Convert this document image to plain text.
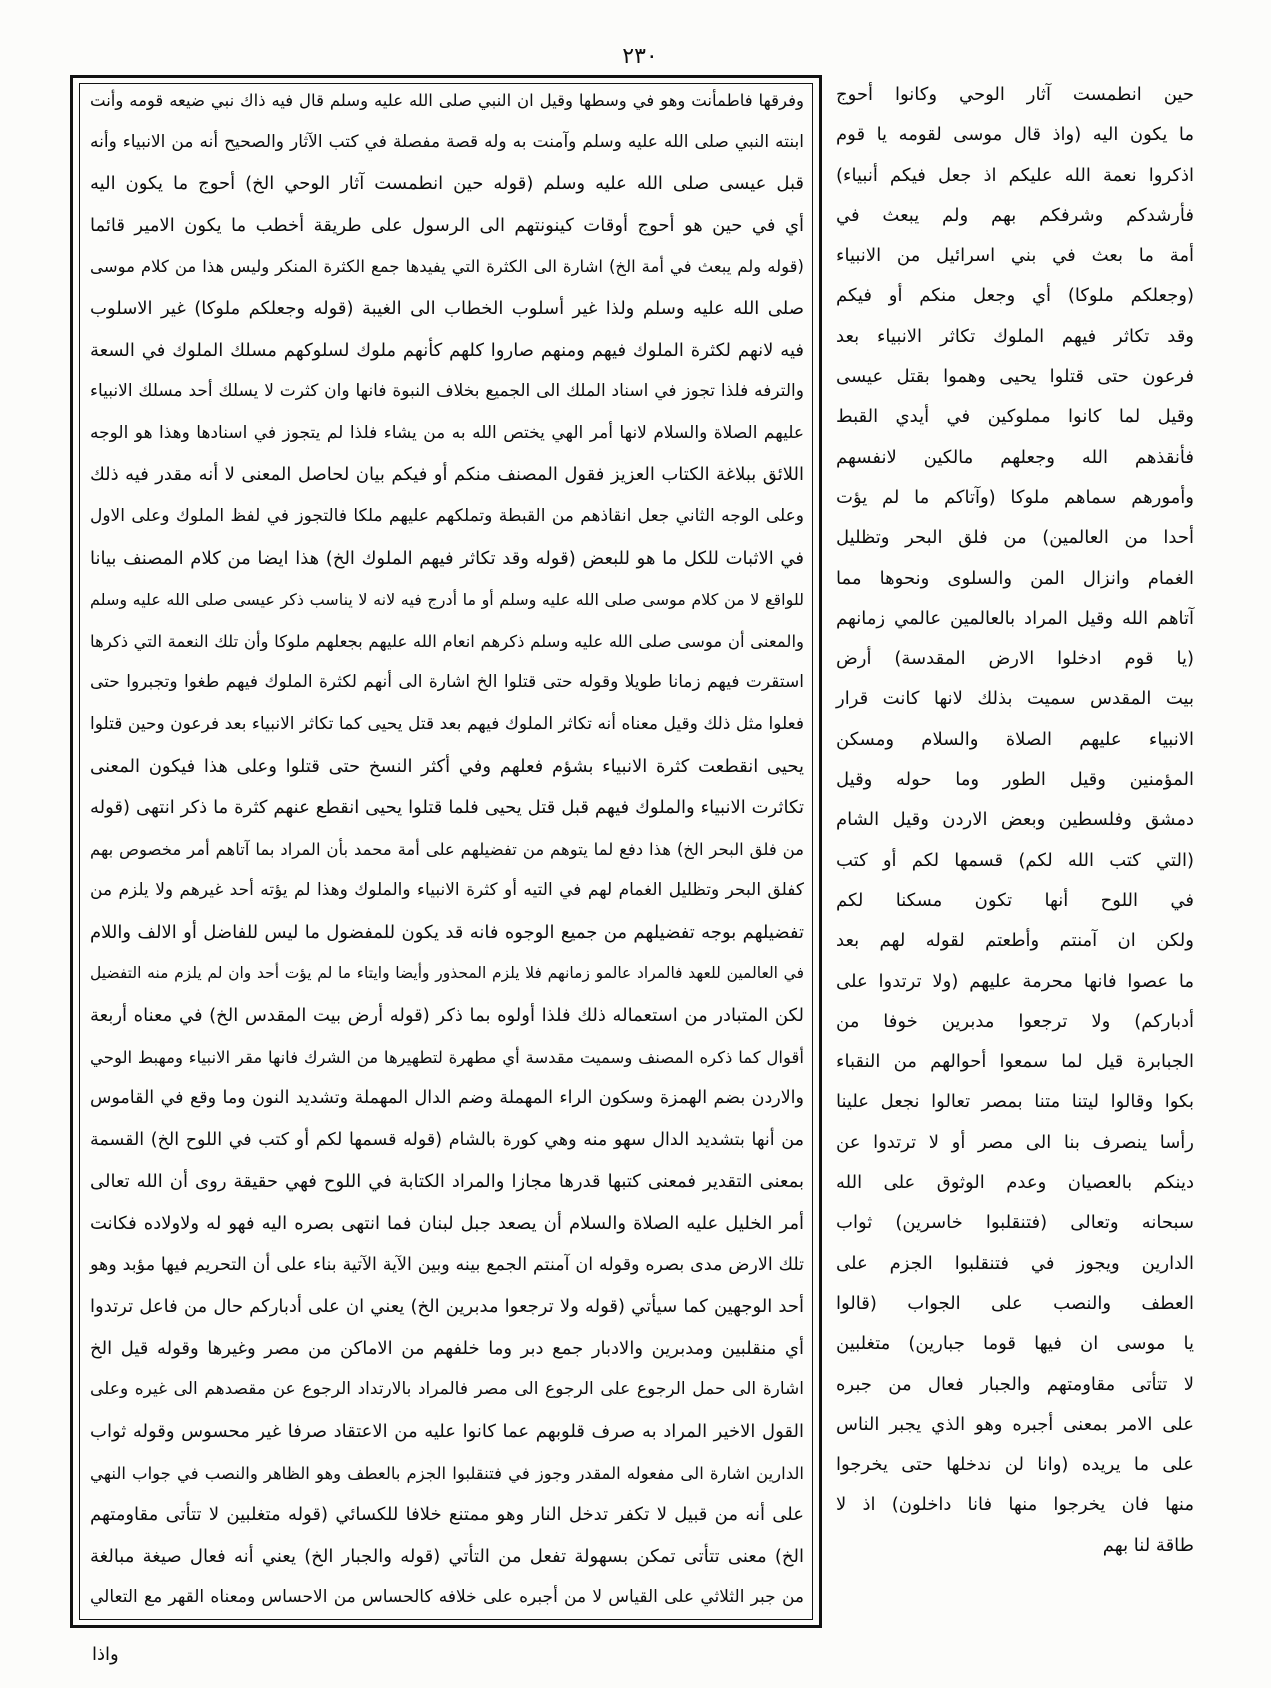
٢٣٠
وفرقها فاطمأنت وهو في وسطها وقيل ان النبي صلى الله عليه وسلم قال فيه ذاك نبي ضيعه قومه وأنت
ابنته النبي صلى الله عليه وسلم وآمنت به وله قصة مفصلة في كتب الآثار والصحيح أنه من الانبياء وأنه
قبل عيسى صلى الله عليه وسلم (قوله حين انطمست آثار الوحي الخ) أحوج ما يكون اليه
أي في حين هو أحوج أوقات كينونتهم الى الرسول على طريقة أخطب ما يكون الامير قائما
(قوله ولم يبعث في أمة الخ) اشارة الى الكثرة التي يفيدها جمع الكثرة المنكر وليس هذا من كلام موسى
صلى الله عليه وسلم ولذا غير أسلوب الخطاب الى الغيبة (قوله وجعلكم ملوكا) غير الاسلوب
فيه لانهم لكثرة الملوك فيهم ومنهم صاروا كلهم كأنهم ملوك لسلوكهم مسلك الملوك في السعة
والترفه فلذا تجوز في اسناد الملك الى الجميع بخلاف النبوة فانها وان كثرت لا يسلك أحد مسلك الانبياء
عليهم الصلاة والسلام لانها أمر الهي يختص الله به من يشاء فلذا لم يتجوز في اسنادها وهذا هو الوجه
اللائق ببلاغة الكتاب العزيز فقول المصنف منكم أو فيكم بيان لحاصل المعنى لا أنه مقدر فيه ذلك
وعلى الوجه الثاني جعل انقاذهم من القبطة وتملكهم عليهم ملكا فالتجوز في لفظ الملوك وعلى الاول
في الاثبات للكل ما هو للبعض (قوله وقد تكاثر فيهم الملوك الخ) هذا ايضا من كلام المصنف بيانا
للواقع لا من كلام موسى صلى الله عليه وسلم أو ما أدرج فيه لانه لا يناسب ذكر عيسى صلى الله عليه وسلم
والمعنى أن موسى صلى الله عليه وسلم ذكرهم انعام الله عليهم بجعلهم ملوكا وأن تلك النعمة التي ذكرها
استقرت فيهم زمانا طويلا وقوله حتى قتلوا الخ اشارة الى أنهم لكثرة الملوك فيهم طغوا وتجبروا حتى
فعلوا مثل ذلك وقيل معناه أنه تكاثر الملوك فيهم بعد قتل يحيى كما تكاثر الانبياء بعد فرعون وحين قتلوا
يحيى انقطعت كثرة الانبياء بشؤم فعلهم وفي أكثر النسخ حتى قتلوا وعلى هذا فيكون المعنى
تكاثرت الانبياء والملوك فيهم قبل قتل يحيى فلما قتلوا يحيى انقطع عنهم كثرة ما ذكر انتهى (قوله
من فلق البحر الخ) هذا دفع لما يتوهم من تفضيلهم على أمة محمد بأن المراد بما آتاهم أمر مخصوص بهم
كفلق البحر وتظليل الغمام لهم في التيه أو كثرة الانبياء والملوك وهذا لم يؤته أحد غيرهم ولا يلزم من
تفضيلهم بوجه تفضيلهم من جميع الوجوه فانه قد يكون للمفضول ما ليس للفاضل أو الالف واللام
في العالمين للعهد فالمراد عالمو زمانهم فلا يلزم المحذور وأيضا وايتاء ما لم يؤت أحد وان لم يلزم منه التفضيل
لكن المتبادر من استعماله ذلك فلذا أولوه بما ذكر (قوله أرض بيت المقدس الخ) في معناه أربعة
أقوال كما ذكره المصنف وسميت مقدسة أي مطهرة لتطهيرها من الشرك فانها مقر الانبياء ومهبط الوحي
والاردن بضم الهمزة وسكون الراء المهملة وضم الدال المهملة وتشديد النون وما وقع في القاموس
من أنها بتشديد الدال سهو منه وهي كورة بالشام (قوله قسمها لكم أو كتب في اللوح الخ) القسمة
بمعنى التقدير فمعنى كتبها قدرها مجازا والمراد الكتابة في اللوح فهي حقيقة روى أن الله تعالى
أمر الخليل عليه الصلاة والسلام أن يصعد جبل لبنان فما انتهى بصره اليه فهو له ولاولاده فكانت
تلك الارض مدى بصره وقوله ان آمنتم الجمع بينه وبين الآية الآتية بناء على أن التحريم فيها مؤبد وهو
أحد الوجهين كما سيأتي (قوله ولا ترجعوا مدبرين الخ) يعني ان على أدباركم حال من فاعل ترتدوا
أي منقلبين ومدبرين والادبار جمع دبر وما خلفهم من الاماكن من مصر وغيرها وقوله قيل الخ
اشارة الى حمل الرجوع على الرجوع الى مصر فالمراد بالارتداد الرجوع عن مقصدهم الى غيره وعلى
القول الاخير المراد به صرف قلوبهم عما كانوا عليه من الاعتقاد صرفا غير محسوس وقوله ثواب
الدارين اشارة الى مفعوله المقدر وجوز في فتنقلبوا الجزم بالعطف وهو الظاهر والنصب في جواب النهي
على أنه من قبيل لا تكفر تدخل النار وهو ممتنع خلافا للكسائي (قوله متغلبين لا تتأتى مقاومتهم
الخ) معنى تتأتى تمكن بسهولة تفعل من التأتي (قوله والجبار الخ) يعني أنه فعال صيغة مبالغة
من جبر الثلاثي على القياس لا من أجبره على خلافه كالحساس من الاحساس ومعناه القهر مع التعالي
حين انطمست آثار الوحي وكانوا أحوج
ما يكون اليه (واذ قال موسى لقومه يا قوم
اذكروا نعمة الله عليكم اذ جعل فيكم أنبياء)
فأرشدكم وشرفكم بهم ولم يبعث في
أمة ما بعث في بني اسرائيل من الانبياء
(وجعلكم ملوكا) أي وجعل منكم أو فيكم
وقد تكاثر فيهم الملوك تكاثر الانبياء بعد
فرعون حتى قتلوا يحيى وهموا بقتل عيسى
وقيل لما كانوا مملوكين في أيدي القبط
فأنقذهم الله وجعلهم مالكين لانفسهم
وأمورهم سماهم ملوكا (وآتاكم ما لم يؤت
أحدا من العالمين) من فلق البحر وتظليل
الغمام وانزال المن والسلوى ونحوها مما
آتاهم الله وقيل المراد بالعالمين عالمي زمانهم
(يا قوم ادخلوا الارض المقدسة) أرض
بيت المقدس سميت بذلك لانها كانت قرار
الانبياء عليهم الصلاة والسلام ومسكن
المؤمنين وقيل الطور وما حوله وقيل
دمشق وفلسطين وبعض الاردن وقيل الشام
(التي كتب الله لكم) قسمها لكم أو كتب
في اللوح أنها تكون مسكنا لكم
ولكن ان آمنتم وأطعتم لقوله لهم بعد
ما عصوا فانها محرمة عليهم (ولا ترتدوا على
أدباركم) ولا ترجعوا مدبرين خوفا من
الجبابرة قيل لما سمعوا أحوالهم من النقباء
بكوا وقالوا ليتنا متنا بمصر تعالوا نجعل علينا
رأسا ينصرف بنا الى مصر أو لا ترتدوا عن
دينكم بالعصيان وعدم الوثوق على الله
سبحانه وتعالى (فتنقلبوا خاسرين) ثواب
الدارين ويجوز في فتنقلبوا الجزم على
العطف والنصب على الجواب (قالوا
يا موسى ان فيها قوما جبارين) متغلبين
لا تتأتى مقاومتهم والجبار فعال من جبره
على الامر بمعنى أجبره وهو الذي يجبر الناس
على ما يريده (وانا لن ندخلها حتى يخرجوا
منها فان يخرجوا منها فانا داخلون) اذ لا
طاقة لنا بهم
واذا
